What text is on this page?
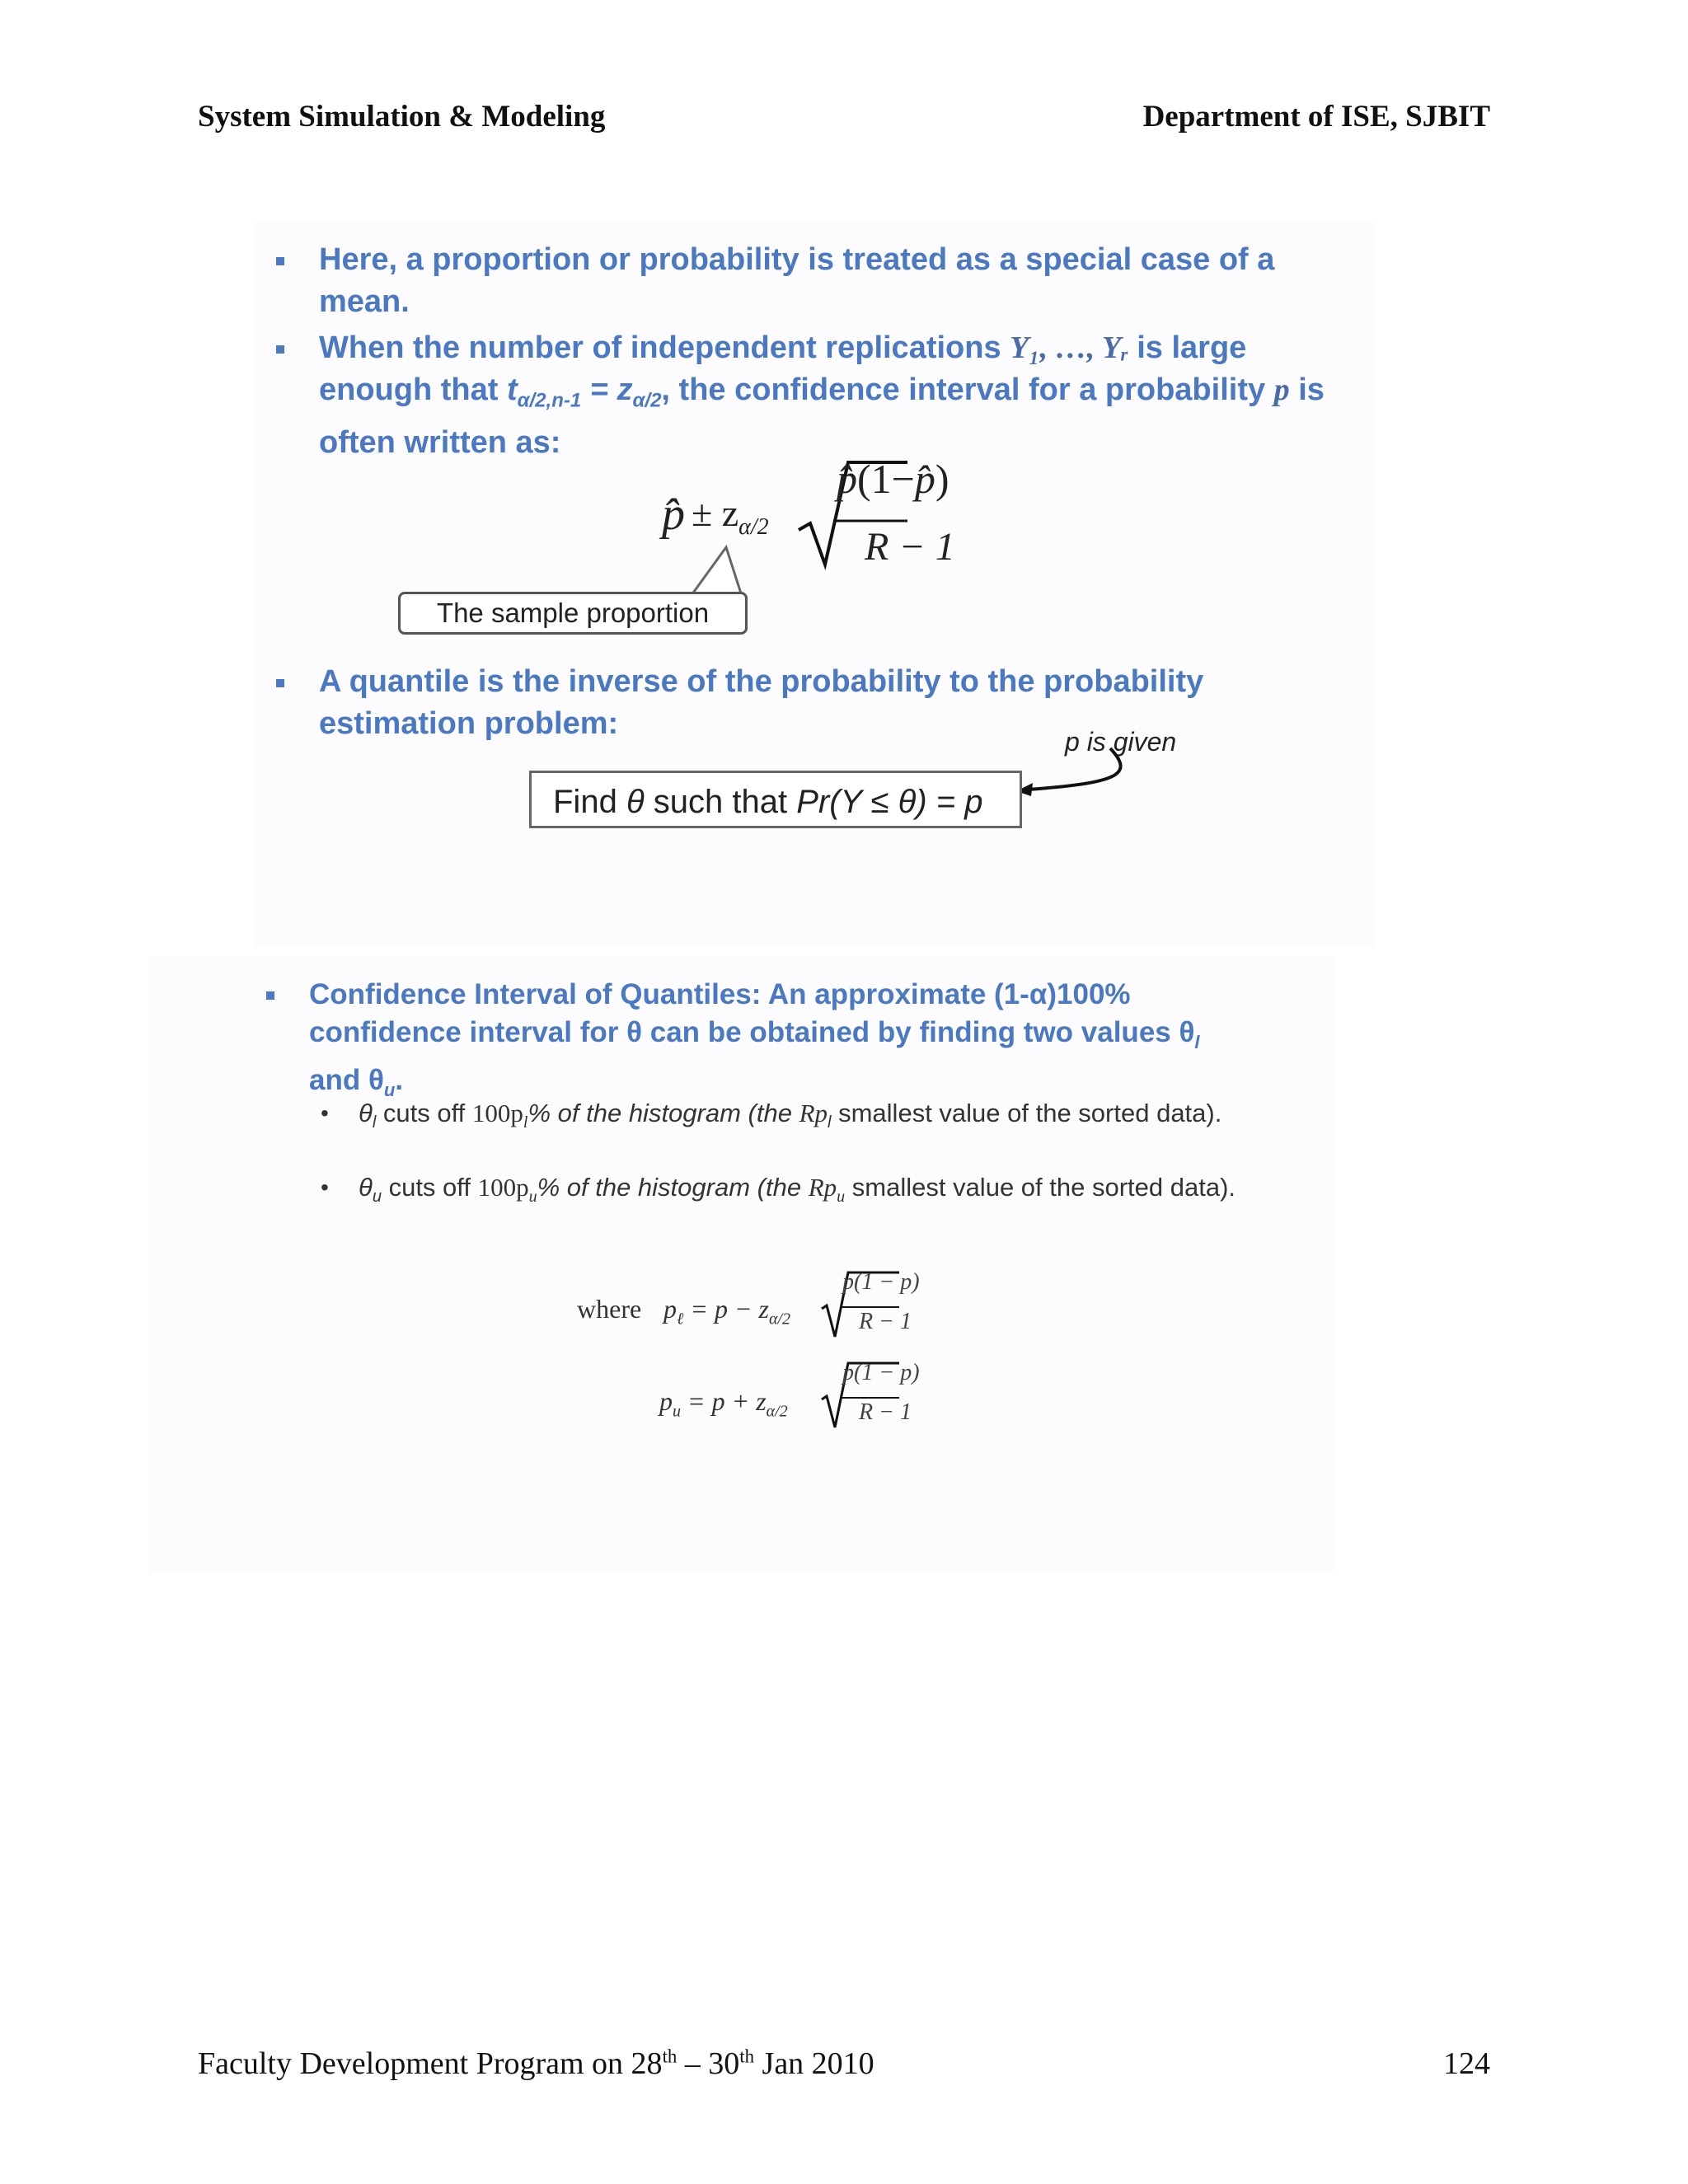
System Simulation & Modeling	Department of ISE, SJBIT
Here, a proportion or probability is treated as a special case of a mean.
When the number of independent replications Y₁, …, Yᵣ is large enough that $t_{\alpha/2,n-1} = z_{\alpha/2}$, the confidence interval for a probability p is often written as:
p̂ ± $z_{\alpha/2}$
p̂(1−p̂)
R − 1
The sample proportion
A quantile is the inverse of the probability to the probability estimation problem:
p is given
Find θ such that Pr(Y ≤ θ) = p
Confidence Interval of Quantiles: An approximate (1-α)100% confidence interval for θ can be obtained by finding two values $\theta_l$ and $\theta_u$.
• $\theta_l$ cuts off $100p_l\%$ of the histogram (the $Rp_l$ smallest value of the sorted data).
• $\theta_u$ cuts off $100p_u\%$ of the histogram (the $Rp_u$ smallest value of the sorted data).
where $p_\ell = p - z_{\alpha/2}$
p(1 − p)
R − 1
$p_u = p + z_{\alpha/2}$
p(1 − p)
R − 1
Faculty Development Program on 28th – 30th Jan 2010	124
